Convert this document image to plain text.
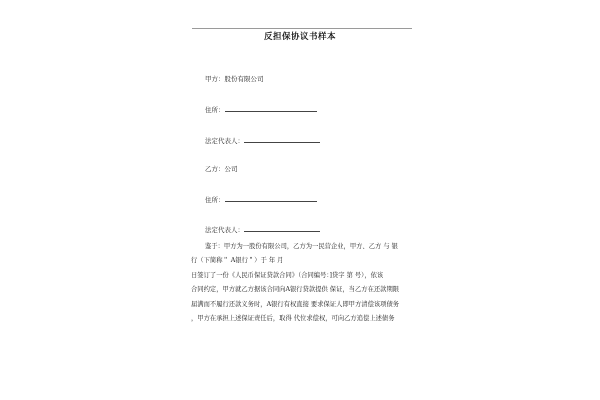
反担保协议书样本
甲方：股份有限公司
住所：
法定代表人：
乙方：公司
住所：
法定代表人：
鉴于：甲方为一股份有限公司，乙方为一民营企业，甲方、乙方 与 银
行（下简称＂ A银行＂）于 年 月
日签订了一份《人民币保证贷款合同》（合同编号：]贷字 第 号），依该
合同约定，甲方就乙方据该合同向A银行贷款提供 保证，当乙方在还款期限
届满而不履行还款义务时，A银行有权直接 要求保证人即甲方清偿该项债务
，甲方在承担上述保证责任后，取得 代位求偿权，可向乙方追偿上述债务
